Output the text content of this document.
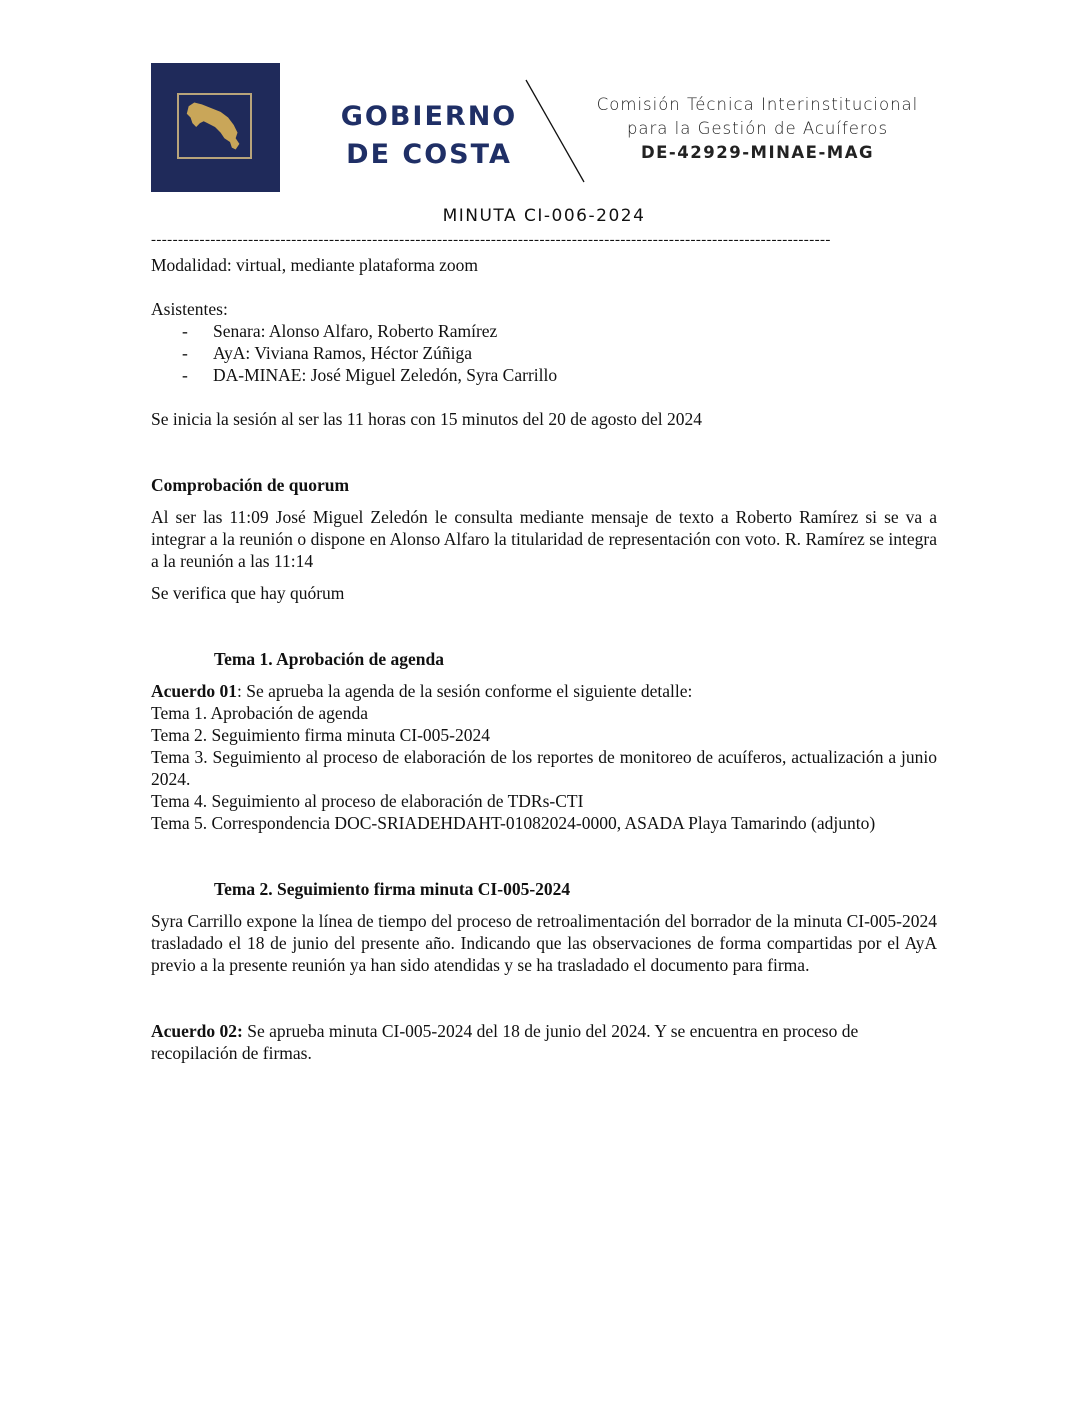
GOBIERNO
DE COSTA
Comisión Técnica Interinstitucional
para la Gestión de Acuíferos
DE-42929-MINAE-MAG
MINUTA CI-006-2024
------------------------------------------------------------------------------------------------------------------------------

Modalidad: virtual, mediante plataforma zoom

Asistentes:

- Senara: Alonso Alfaro, Roberto Ramírez

- AyA: Viviana Ramos, Héctor Zúñiga

- DA-MINAE: José Miguel Zeledón, Syra Carrillo

Se inicia la sesión al ser las 11 horas con 15 minutos del 20 de agosto del 2024

Comprobación de quorum

Al ser las 11:09 José Miguel Zeledón le consulta mediante mensaje de texto a Roberto Ramírez si se va a integrar a la reunión o dispone en Alonso Alfaro la titularidad de representación con voto. R. Ramírez se integra a la reunión a las 11:14

Se verifica que hay quórum

Tema 1. Aprobación de agenda

Acuerdo 01: Se aprueba la agenda de la sesión conforme el siguiente detalle:

Tema 1. Aprobación de agenda

Tema 2. Seguimiento firma minuta CI-005-2024

Tema 3. Seguimiento al proceso de elaboración de los reportes de monitoreo de acuíferos, actualización a junio 2024.

Tema 4. Seguimiento al proceso de elaboración de TDRs-CTI

Tema 5. Correspondencia DOC-SRIADEHDAHT-01082024-0000, ASADA Playa Tamarindo (adjunto)

Tema 2. Seguimiento firma minuta CI-005-2024

Syra Carrillo expone la línea de tiempo del proceso de retroalimentación del borrador de la minuta CI-005-2024 trasladado el 18 de junio del presente año. Indicando que las observaciones de forma compartidas por el AyA previo a la presente reunión ya han sido atendidas y se ha trasladado el documento para firma.

Acuerdo 02: Se aprueba minuta CI-005-2024 del 18 de junio del 2024. Y se encuentra en proceso de recopilación de firmas.
